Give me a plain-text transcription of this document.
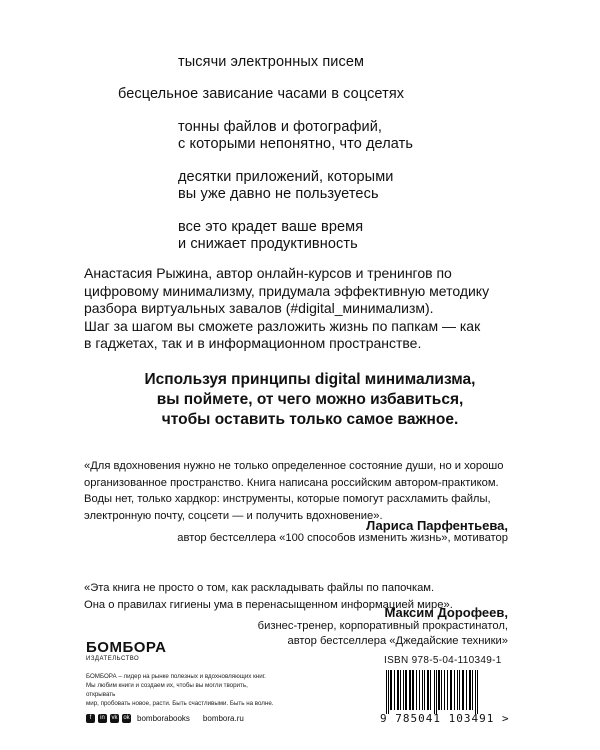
тысячи электронных писем
бесцельное зависание часами в соцсетях
тонны файлов и фотографий,
с которыми непонятно, что делать
десятки приложений, которыми
вы уже давно не пользуетесь
все это крадет ваше время
и снижает продуктивность
Анастасия Рыжина, автор онлайн-курсов и тренингов по
цифровому минимализму, придумала эффективную методику
разбора виртуальных завалов (#digital_минимализм).
Шаг за шагом вы сможете разложить жизнь по папкам — как
в гаджетах, так и в информационном пространстве.
Используя принципы digital минимализма,
вы поймете, от чего можно избавиться,
чтобы оставить только самое важное.
«Для вдохновения нужно не только определенное состояние души, но и хорошо
организованное пространство. Книга написана российским автором-практиком.
Воды нет, только хардкор: инструменты, которые помогут расхламить файлы,
электронную почту, соцсети — и получить вдохновение».
Лариса Парфентьева,
автор бестселлера «100 способов изменить жизнь», мотиватор
«Эта книга не просто о том, как раскладывать файлы по папочкам.
Она о правилах гигиены ума в перенасыщенном информацией мире».
Максим Дорофеев,
бизнес-тренер, корпоративный прокрастинатол,
автор бестселлера «Джедайские техники»
БОМБОРА
ИЗДАТЕЛЬСТВО
БОМБОРА – лидер на рынке полезных и вдохновляющих книг.
Мы любим книги и создаем их, чтобы вы могли творить, открывать
мир, пробовать новое, расти. Быть счастливыми. Быть на волне.
f	in	vk ok bomborabooks bombora.ru
ISBN 978-5-04-110349-1
9 785041 103491 >
